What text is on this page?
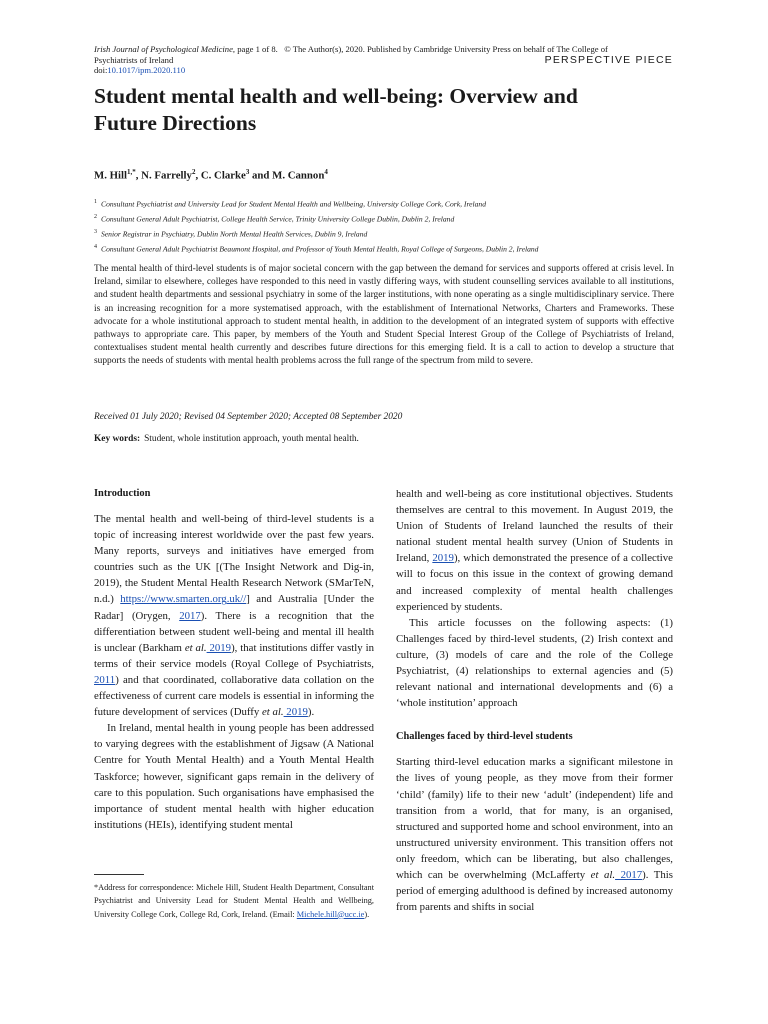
Irish Journal of Psychological Medicine, page 1 of 8. © The Author(s), 2020. Published by Cambridge University Press on behalf of The College of
Psychiatrists of Ireland
doi:10.1017/ipm.2020.110
PERSPECTIVE PIECE
Student mental health and well-being: Overview and
Future Directions
M. Hill$^{1,*}$, N. Farrelly$^2$, C. Clarke$^3$ and M. Cannon$^4$
$^1$ Consultant Psychiatrist and University Lead for Student Mental Health and Wellbeing, University College Cork, Cork, Ireland
$^2$ Consultant General Adult Psychiatrist, College Health Service, Trinity University College Dublin, Dublin 2, Ireland
$^3$ Senior Registrar in Psychiatry, Dublin North Mental Health Services, Dublin 9, Ireland
$^4$ Consultant General Adult Psychiatrist Beaumont Hospital, and Professor of Youth Mental Health, Royal College of Surgeons, Dublin 2, Ireland
The mental health of third-level students is of major societal concern with the gap between the demand for services and supports offered at crisis level. In Ireland, similar to elsewhere, colleges have responded to this need in vastly differing ways, with student counselling services available to all institutions, and student health departments and sessional psychiatry in some of the larger institutions, with none operating as a single multidisciplinary service. There is an increasing recognition for a more systematised approach, with the establishment of International Networks, Charters and Frameworks. These advocate for a whole institutional approach to student mental health, in addition to the development of an integrated system of supports with effective pathways to appropriate care. This paper, by members of the Youth and Student Special Interest Group of the College of Psychiatrists of Ireland, contextualises student mental health currently and describes future directions for this emerging field. It is a call to action to develop a structure that supports the needs of students with mental health problems across the full range of the spectrum from mild to severe.
Received 01 July 2020; Revised 04 September 2020; Accepted 08 September 2020
Key words: Student, whole institution approach, youth mental health.
Introduction

The mental health and well-being of third-level students is a topic of increasing interest worldwide over the past few years. Many reports, surveys and initiatives have emerged from countries such as the UK [(The Insight Network and Dig-in, 2019), the Student Mental Health Research Network (SMarTeN, n.d.) https://www.smarten.org.uk//] and Australia [Under the Radar] (Orygen, 2017). There is a recognition that the differentiation between student well-being and mental ill health is unclear (Barkham et al. 2019), that institutions differ vastly in terms of their service models (Royal College of Psychiatrists, 2011) and that coordinated, collaborative data collation on the effectiveness of current care models is essential in informing the future development of services (Duffy et al. 2019).

In Ireland, mental health in young people has been addressed to varying degrees with the establishment of Jigsaw (A National Centre for Youth Mental Health) and a Youth Mental Health Taskforce; however, significant gaps remain in the delivery of care to this population. Such organisations have emphasised the importance of student mental health with higher education institutions (HEIs), identifying student mental

health and well-being as core institutional objectives. Students themselves are central to this movement. In August 2019, the Union of Students of Ireland launched the results of their national student mental health survey (Union of Students in Ireland, 2019), which demonstrated the presence of a collective will to focus on this issue in the context of growing demand and increased complexity of mental health challenges experienced by students.

This article focusses on the following aspects: (1) Challenges faced by third-level students, (2) Irish context and culture, (3) models of care and the role of the College Psychiatrist, (4) relationships to external agencies and (5) relevant national and international developments and (6) a ‘whole institution’ approach

Challenges faced by third-level students

Starting third-level education marks a significant milestone in the lives of young people, as they move from their former ‘child’ (family) life to their new ‘adult’ (independent) life and transition from a world, that for many, is an organised, structured and supported home and school environment, into an unstructured university environment. This transition offers not only freedom, which can be liberating, but also challenges, which can be overwhelming (McLafferty et al. 2017). This period of emerging adulthood is defined by increased autonomy from parents and shifts in social

*Address for correspondence: Michele Hill, Student Health Department, Consultant Psychiatrist and University Lead for Student Mental Health and Wellbeing, University College Cork, College Rd, Cork, Ireland. (Email: Michele.hill@ucc.ie).
